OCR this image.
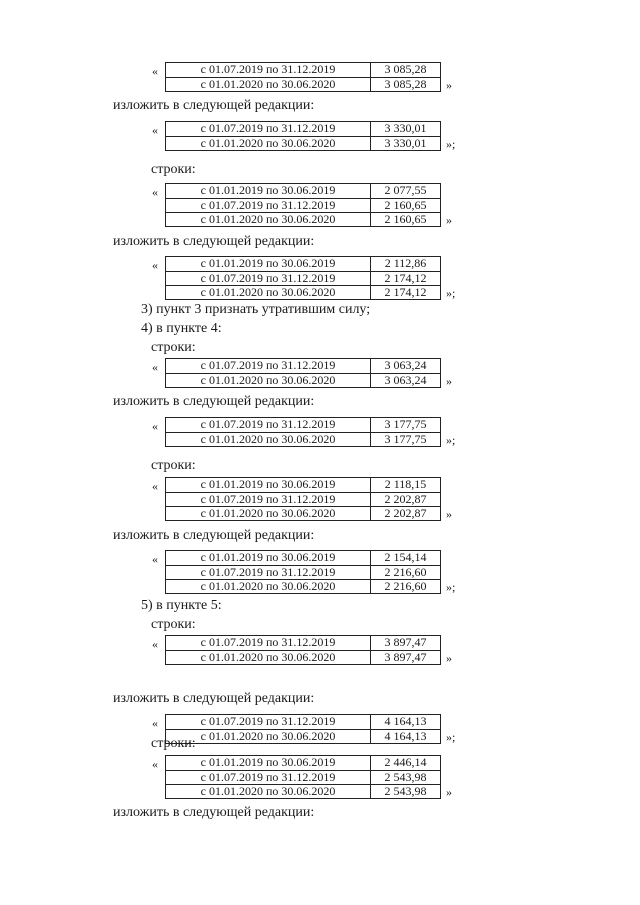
с 01.07.2019 по 31.12.2019	3 085,28
с 01.01.2020 по 30.06.2020	3 085,28
«
»
изложить в следующей редакции:
с 01.07.2019 по 31.12.2019	3 330,01
с 01.01.2020 по 30.06.2020	3 330,01
«
»;
строки:
с 01.01.2019 по 30.06.2019	2 077,55
с 01.07.2019 по 31.12.2019	2 160,65
с 01.01.2020 по 30.06.2020	2 160,65
«
»
изложить в следующей редакции:
с 01.01.2019 по 30.06.2019	2 112,86
с 01.07.2019 по 31.12.2019	2 174,12
с 01.01.2020 по 30.06.2020	2 174,12
«
»;
3) пункт 3 признать утратившим силу;
4) в пункте 4:
строки:
с 01.07.2019 по 31.12.2019	3 063,24
с 01.01.2020 по 30.06.2020	3 063,24
«
»
изложить в следующей редакции:
с 01.07.2019 по 31.12.2019	3 177,75
с 01.01.2020 по 30.06.2020	3 177,75
«
»;
строки:
с 01.01.2019 по 30.06.2019	2 118,15
с 01.07.2019 по 31.12.2019	2 202,87
с 01.01.2020 по 30.06.2020	2 202,87
«
»
изложить в следующей редакции:
с 01.01.2019 по 30.06.2019	2 154,14
с 01.07.2019 по 31.12.2019	2 216,60
с 01.01.2020 по 30.06.2020	2 216,60
«
»;
5) в пункте 5:
строки:
с 01.07.2019 по 31.12.2019	3 897,47
с 01.01.2020 по 30.06.2020	3 897,47
«
»
изложить в следующей редакции:
с 01.07.2019 по 31.12.2019	4 164,13
с 01.01.2020 по 30.06.2020	4 164,13
«
»;
строки:
с 01.01.2019 по 30.06.2019	2 446,14
с 01.07.2019 по 31.12.2019	2 543,98
с 01.01.2020 по 30.06.2020	2 543,98
«
»
изложить в следующей редакции:
